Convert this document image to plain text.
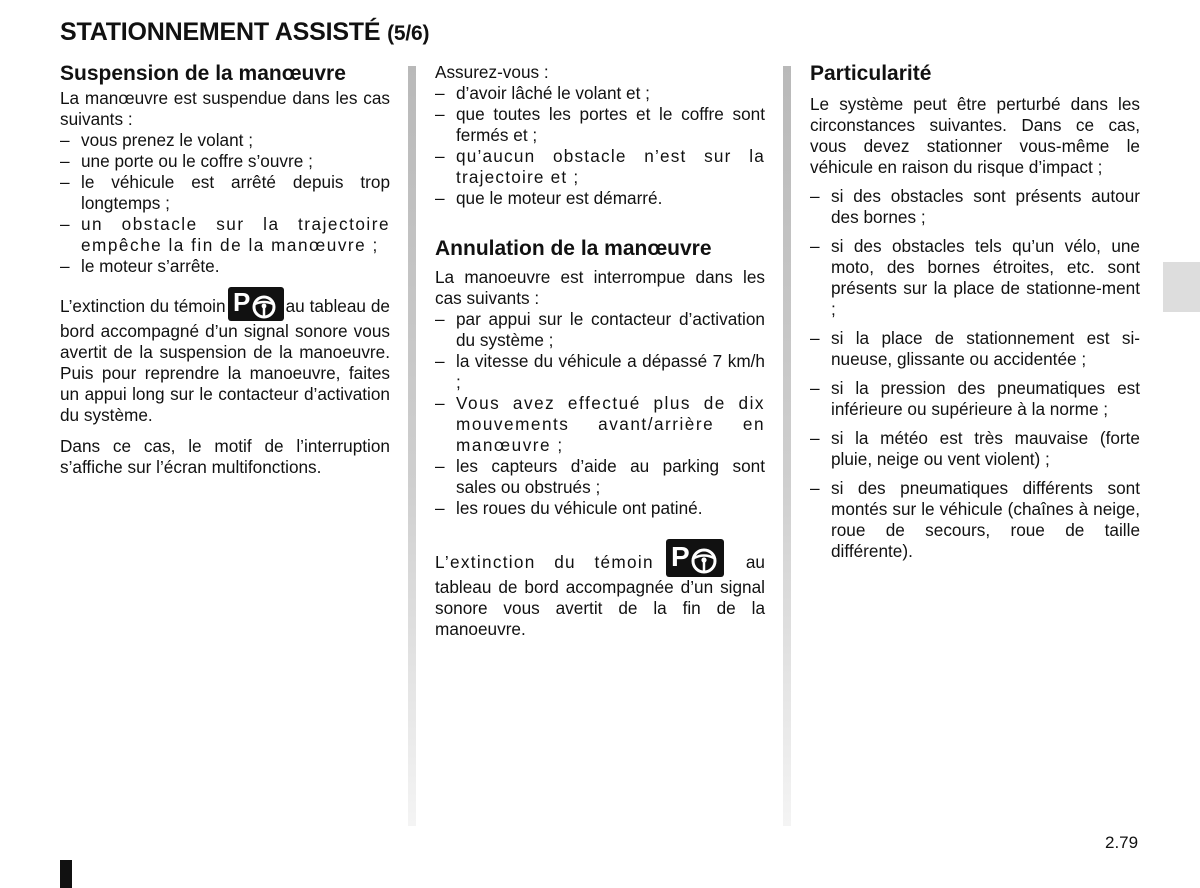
STATIONNEMENT ASSISTÉ (5/6)
Suspension de la manœuvre

La manœuvre est suspendue dans les cas suivants :

– vous prenez le volant ;
– une porte ou le coffre s’ouvre ;
– le véhicule est arrêté depuis trop longtemps ;
– un obstacle sur la trajectoire empêche la fin de la manœuvre ;
– le moteur s’arrête.

L’extinction du témoin P au tableau de bord accompagné d’un signal sonore vous avertit de la suspension de la manoeuvre. Puis pour reprendre la manoeuvre, faites un appui long sur le contacteur d’activation du système.

Dans ce cas, le motif de l’interruption s’affiche sur l’écran multifonctions.

Assurez-vous :

– d’avoir lâché le volant et ;
– que toutes les portes et le coffre sont fermés et ;
– qu’aucun obstacle n’est sur la trajectoire et ;
– que le moteur est démarré.
Annulation de la manœuvre

La manoeuvre est interrompue dans les cas suivants :

– par appui sur le contacteur d’activation du système ;
– la vitesse du véhicule a dépassé 7 km/h ;
– Vous avez effectué plus de dix mouvements avant/arrière en manœuvre ;
– les capteurs d’aide au parking sont sales ou obstrués ;
– les roues du véhicule ont patiné.

L’extinction du témoin P	au tableau de bord accompagnée d’un signal sonore vous avertit de la fin de la manoeuvre.

Particularité

Le système peut être perturbé dans les circonstances suivantes. Dans ce cas, vous devez stationner vous-même le véhicule en raison du risque d’impact ;

– si des obstacles sont présents autour des bornes ;
– si des obstacles tels qu’un vélo, une moto, des bornes étroites, etc. sont présents sur la place de stationne-ment ;
– si la place de stationnement est si-nueuse, glissante ou accidentée ;
– si la pression des pneumatiques est inférieure ou supérieure à la norme ;
– si la météo est très mauvaise (forte pluie, neige ou vent violent) ;
– si des pneumatiques différents sont montés sur le véhicule (chaînes à neige, roue de secours, roue de taille différente).
2.79
